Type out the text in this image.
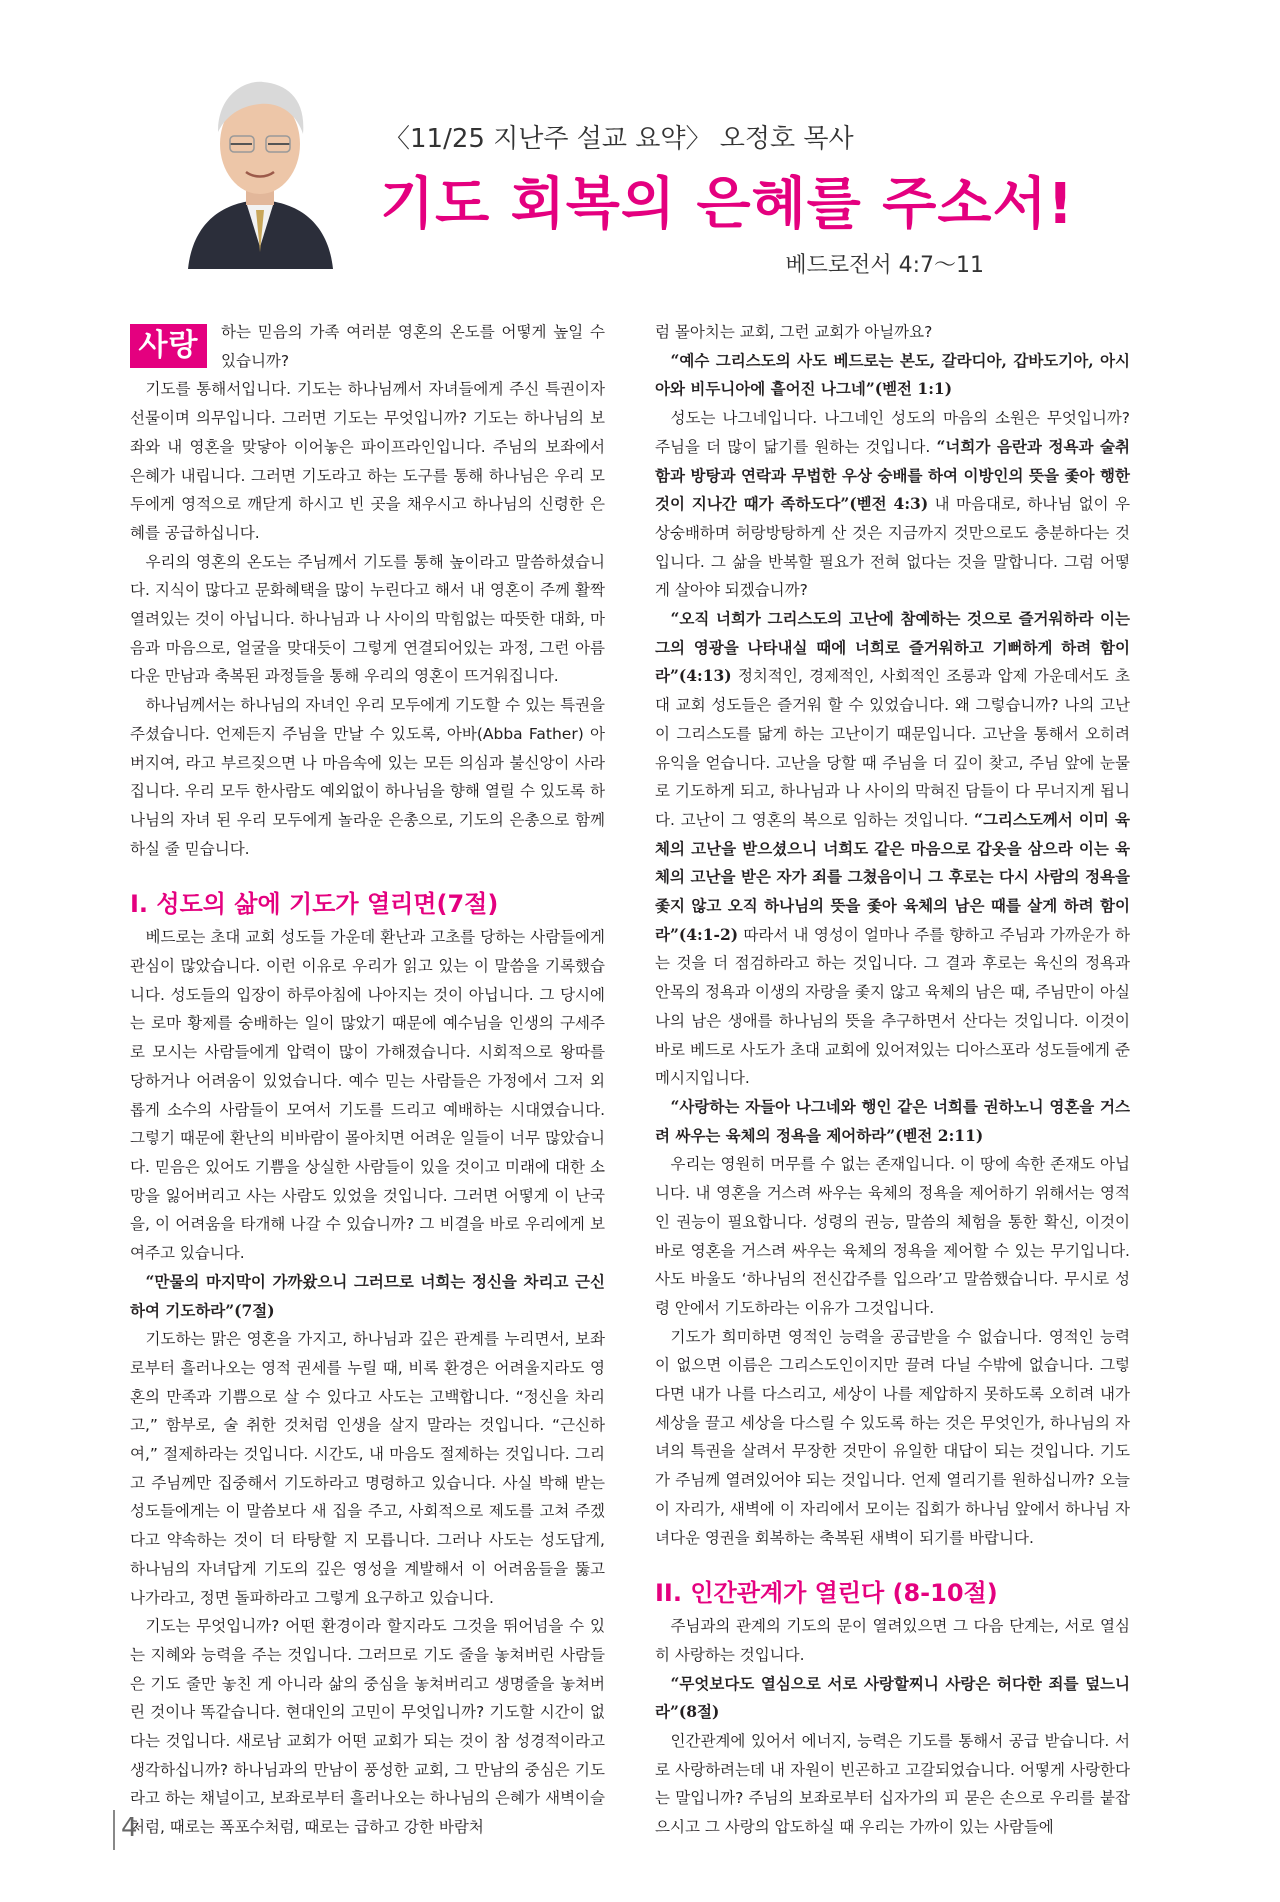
〈11/25 지난주 설교 요약〉 오정호 목사
기도 회복의 은혜를 주소서!
베드로전서 4:7～11
사랑	하는 믿음의 가족 여러분 영혼의 온도를 어떻게 높일 수 있습니까?

기도를 통해서입니다. 기도는 하나님께서 자녀들에게 주신 특권이자 선물이며 의무입니다. 그러면 기도는 무엇입니까? 기도는 하나님의 보좌와 내 영혼을 맞닿아 이어놓은 파이프라인입니다. 주님의 보좌에서 은혜가 내립니다. 그러면 기도라고 하는 도구를 통해 하나님은 우리 모두에게 영적으로 깨닫게 하시고 빈 곳을 채우시고 하나님의 신령한 은혜를 공급하십니다.

우리의 영혼의 온도는 주님께서 기도를 통해 높이라고 말씀하셨습니다. 지식이 많다고 문화혜택을 많이 누린다고 해서 내 영혼이 주께 활짝 열려있는 것이 아닙니다. 하나님과 나 사이의 막힘없는 따뜻한 대화, 마음과 마음으로, 얼굴을 맞대듯이 그렇게 연결되어있는 과정, 그런 아름다운 만남과 축복된 과정들을 통해 우리의 영혼이 뜨거워집니다.

하나님께서는 하나님의 자녀인 우리 모두에게 기도할 수 있는 특권을 주셨습니다. 언제든지 주님을 만날 수 있도록, 아바(Abba Father) 아버지여, 라고 부르짖으면 나 마음속에 있는 모든 의심과 불신앙이 사라집니다. 우리 모두 한사람도 예외없이 하나님을 향해 열릴 수 있도록 하나님의 자녀 된 우리 모두에게 놀라운 은총으로, 기도의 은총으로 함께 하실 줄 믿습니다.

I. 성도의 삶에 기도가 열리면(7절)

베드로는 초대 교회 성도들 가운데 환난과 고초를 당하는 사람들에게 관심이 많았습니다. 이런 이유로 우리가 읽고 있는 이 말씀을 기록했습니다. 성도들의 입장이 하루아침에 나아지는 것이 아닙니다. 그 당시에는 로마 황제를 숭배하는 일이 많았기 때문에 예수님을 인생의 구세주로 모시는 사람들에게 압력이 많이 가해졌습니다. 시회적으로 왕따를 당하거나 어려움이 있었습니다. 예수 믿는 사람들은 가정에서 그저 외롭게 소수의 사람들이 모여서 기도를 드리고 예배하는 시대였습니다. 그렇기 때문에 환난의 비바람이 몰아치면 어려운 일들이 너무 많았습니다. 믿음은 있어도 기쁨을 상실한 사람들이 있을 것이고 미래에 대한 소망을 잃어버리고 사는 사람도 있었을 것입니다. 그러면 어떻게 이 난국을, 이 어려움을 타개해 나갈 수 있습니까? 그 비결을 바로 우리에게 보여주고 있습니다.

“만물의 마지막이 가까왔으니 그러므로 너희는 정신을 차리고 근신하여 기도하라”(7절)

기도하는 맑은 영혼을 가지고, 하나님과 깊은 관계를 누리면서, 보좌로부터 흘러나오는 영적 권세를 누릴 때, 비록 환경은 어려울지라도 영혼의 만족과 기쁨으로 살 수 있다고 사도는 고백합니다. “정신을 차리고,” 함부로, 술 취한 것처럼 인생을 살지 말라는 것입니다. “근신하여,” 절제하라는 것입니다. 시간도, 내 마음도 절제하는 것입니다. 그리고 주님께만 집중해서 기도하라고 명령하고 있습니다. 사실 박해 받는 성도들에게는 이 말씀보다 새 집을 주고, 사회적으로 제도를 고쳐 주겠다고 약속하는 것이 더 타탕할 지 모릅니다. 그러나 사도는 성도답게, 하나님의 자녀답게 기도의 깊은 영성을 계발해서 이 어려움들을 뚫고 나가라고, 정면 돌파하라고 그렇게 요구하고 있습니다.

기도는 무엇입니까? 어떤 환경이라 할지라도 그것을 뛰어넘을 수 있는 지혜와 능력을 주는 것입니다. 그러므로 기도 줄을 놓쳐버린 사람들은 기도 줄만 놓친 게 아니라 삶의 중심을 놓쳐버리고 생명줄을 놓쳐버린 것이나 똑같습니다. 현대인의 고민이 무엇입니까? 기도할 시간이 없다는 것입니다. 새로남 교회가 어떤 교회가 되는 것이 참 성경적이라고 생각하십니까? 하나님과의 만남이 풍성한 교회, 그 만남의 중심은 기도라고 하는 채널이고, 보좌로부터 흘러나오는 하나님의 은혜가 새벽이슬처럼, 때로는 폭포수처럼, 때로는 급하고 강한 바람처

럼 몰아치는 교회, 그런 교회가 아닐까요?

“예수 그리스도의 사도 베드로는 본도, 갈라디아, 갑바도기아, 아시아와 비두니아에 흩어진 나그네”(벧전 1:1)

성도는 나그네입니다. 나그네인 성도의 마음의 소원은 무엇입니까? 주님을 더 많이 닮기를 원하는 것입니다. “너희가 음란과 정욕과 술취함과 방탕과 연락과 무법한 우상 숭배를 하여 이방인의 뜻을 좇아 행한 것이 지나간 때가 족하도다”(벧전 4:3) 내 마음대로, 하나님 없이 우상숭배하며 허랑방탕하게 산 것은 지금까지 것만으로도 충분하다는 것입니다. 그 삶을 반복할 필요가 전혀 없다는 것을 말합니다. 그럼 어떻게 살아야 되겠습니까?

“오직 너희가 그리스도의 고난에 참예하는 것으로 즐거워하라 이는 그의 영광을 나타내실 때에 너희로 즐거워하고 기뻐하게 하려 함이라”(4:13) 정치적인, 경제적인, 사회적인 조롱과 압제 가운데서도 초대 교회 성도들은 즐거워 할 수 있었습니다. 왜 그렇습니까? 나의 고난이 그리스도를 닮게 하는 고난이기 때문입니다. 고난을 통해서 오히려 유익을 얻습니다. 고난을 당할 때 주님을 더 깊이 찾고, 주님 앞에 눈물로 기도하게 되고, 하나님과 나 사이의 막혀진 담들이 다 무너지게 됩니다. 고난이 그 영혼의 복으로 임하는 것입니다. “그리스도께서 이미 육체의 고난을 받으셨으니 너희도 같은 마음으로 갑옷을 삼으라 이는 육체의 고난을 받은 자가 죄를 그쳤음이니 그 후로는 다시 사람의 정욕을 좇지 않고 오직 하나님의 뜻을 좇아 육체의 남은 때를 살게 하려 함이라”(4:1-2) 따라서 내 영성이 얼마나 주를 향하고 주님과 가까운가 하는 것을 더 점검하라고 하는 것입니다. 그 결과 후로는 육신의 정욕과 안목의 정욕과 이생의 자랑을 좇지 않고 육체의 남은 때, 주님만이 아실 나의 남은 생애를 하나님의 뜻을 추구하면서 산다는 것입니다. 이것이 바로 베드로 사도가 초대 교회에 있어져있는 디아스포라 성도들에게 준 메시지입니다.

“사랑하는 자들아 나그네와 행인 같은 너희를 권하노니 영혼을 거스려 싸우는 육체의 정욕을 제어하라”(벧전 2:11)

우리는 영원히 머무를 수 없는 존재입니다. 이 땅에 속한 존재도 아닙니다. 내 영혼을 거스려 싸우는 육체의 정욕을 제어하기 위해서는 영적인 권능이 필요합니다. 성령의 권능, 말씀의 체험을 통한 확신, 이것이 바로 영혼을 거스려 싸우는 육체의 정욕을 제어할 수 있는 무기입니다. 사도 바울도 ‘하나님의 전신갑주를 입으라’고 말씀했습니다. 무시로 성령 안에서 기도하라는 이유가 그것입니다.

기도가 희미하면 영적인 능력을 공급받을 수 없습니다. 영적인 능력이 없으면 이름은 그리스도인이지만 끌려 다닐 수밖에 없습니다. 그렇다면 내가 나를 다스리고, 세상이 나를 제압하지 못하도록 오히려 내가 세상을 끌고 세상을 다스릴 수 있도록 하는 것은 무엇인가, 하나님의 자녀의 특권을 살려서 무장한 것만이 유일한 대답이 되는 것입니다. 기도가 주님께 열려있어야 되는 것입니다. 언제 열리기를 원하십니까? 오늘 이 자리가, 새벽에 이 자리에서 모이는 집회가 하나님 앞에서 하나님 자녀다운 영권을 회복하는 축복된 새벽이 되기를 바랍니다.

II. 인간관계가 열린다 (8-10절)

주님과의 관계의 기도의 문이 열려있으면 그 다음 단계는, 서로 열심히 사랑하는 것입니다.

“무엇보다도 열심으로 서로 사랑할찌니 사랑은 허다한 죄를 덮느니라”(8절)

인간관계에 있어서 에너지, 능력은 기도를 통해서 공급 받습니다. 서로 사랑하려는데 내 자원이 빈곤하고 고갈되었습니다. 어떻게 사랑한다는 말입니까? 주님의 보좌로부터 십자가의 피 묻은 손으로 우리를 붙잡으시고 그 사랑의 압도하실 때 우리는 가까이 있는 사람들에

4
